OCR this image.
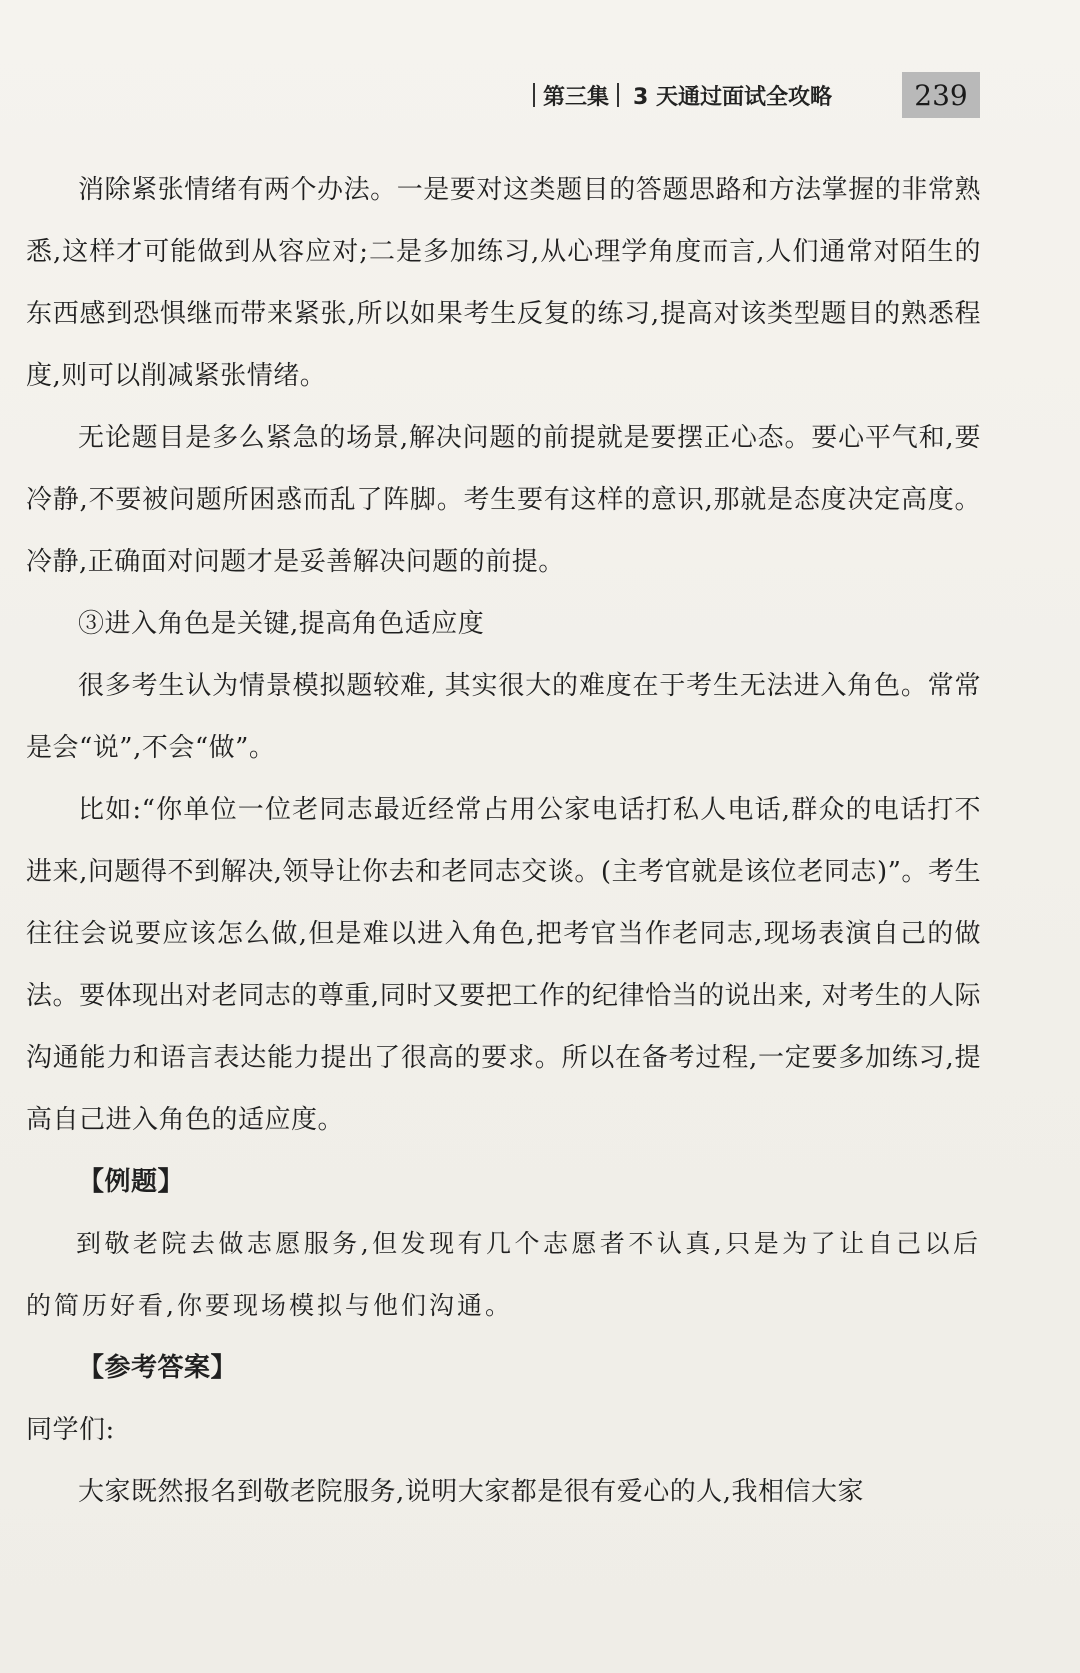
第三集 3 天通过面试全攻略	239

消除紧张情绪有两个办法。一是要对这类题目的答题思路和方法掌握的非常熟悉,这样才可能做到从容应对;二是多加练习,从心理学角度而言,人们通常对陌生的东西感到恐惧继而带来紧张,所以如果考生反复的练习,提高对该类型题目的熟悉程度,则可以削减紧张情绪。

无论题目是多么紧急的场景,解决问题的前提就是要摆正心态。要心平气和,要冷静,不要被问题所困惑而乱了阵脚。考生要有这样的意识,那就是态度决定高度。冷静,正确面对问题才是妥善解决问题的前提。

③进入角色是关键,提高角色适应度

很多考生认为情景模拟题较难, 其实很大的难度在于考生无法进入角色。常常是会“说”,不会“做”。

比如:“你单位一位老同志最近经常占用公家电话打私人电话,群众的电话打不进来,问题得不到解决,领导让你去和老同志交谈。(主考官就是该位老同志)”。考生往往会说要应该怎么做,但是难以进入角色,把考官当作老同志,现场表演自己的做法。要体现出对老同志的尊重,同时又要把工作的纪律恰当的说出来, 对考生的人际沟通能力和语言表达能力提出了很高的要求。所以在备考过程,一定要多加练习,提高自己进入角色的适应度。

【例题】

到敬老院去做志愿服务,但发现有几个志愿者不认真,只是为了让自己以后的简历好看,你要现场模拟与他们沟通。

【参考答案】

同学们:

大家既然报名到敬老院服务,说明大家都是很有爱心的人,我相信大家
